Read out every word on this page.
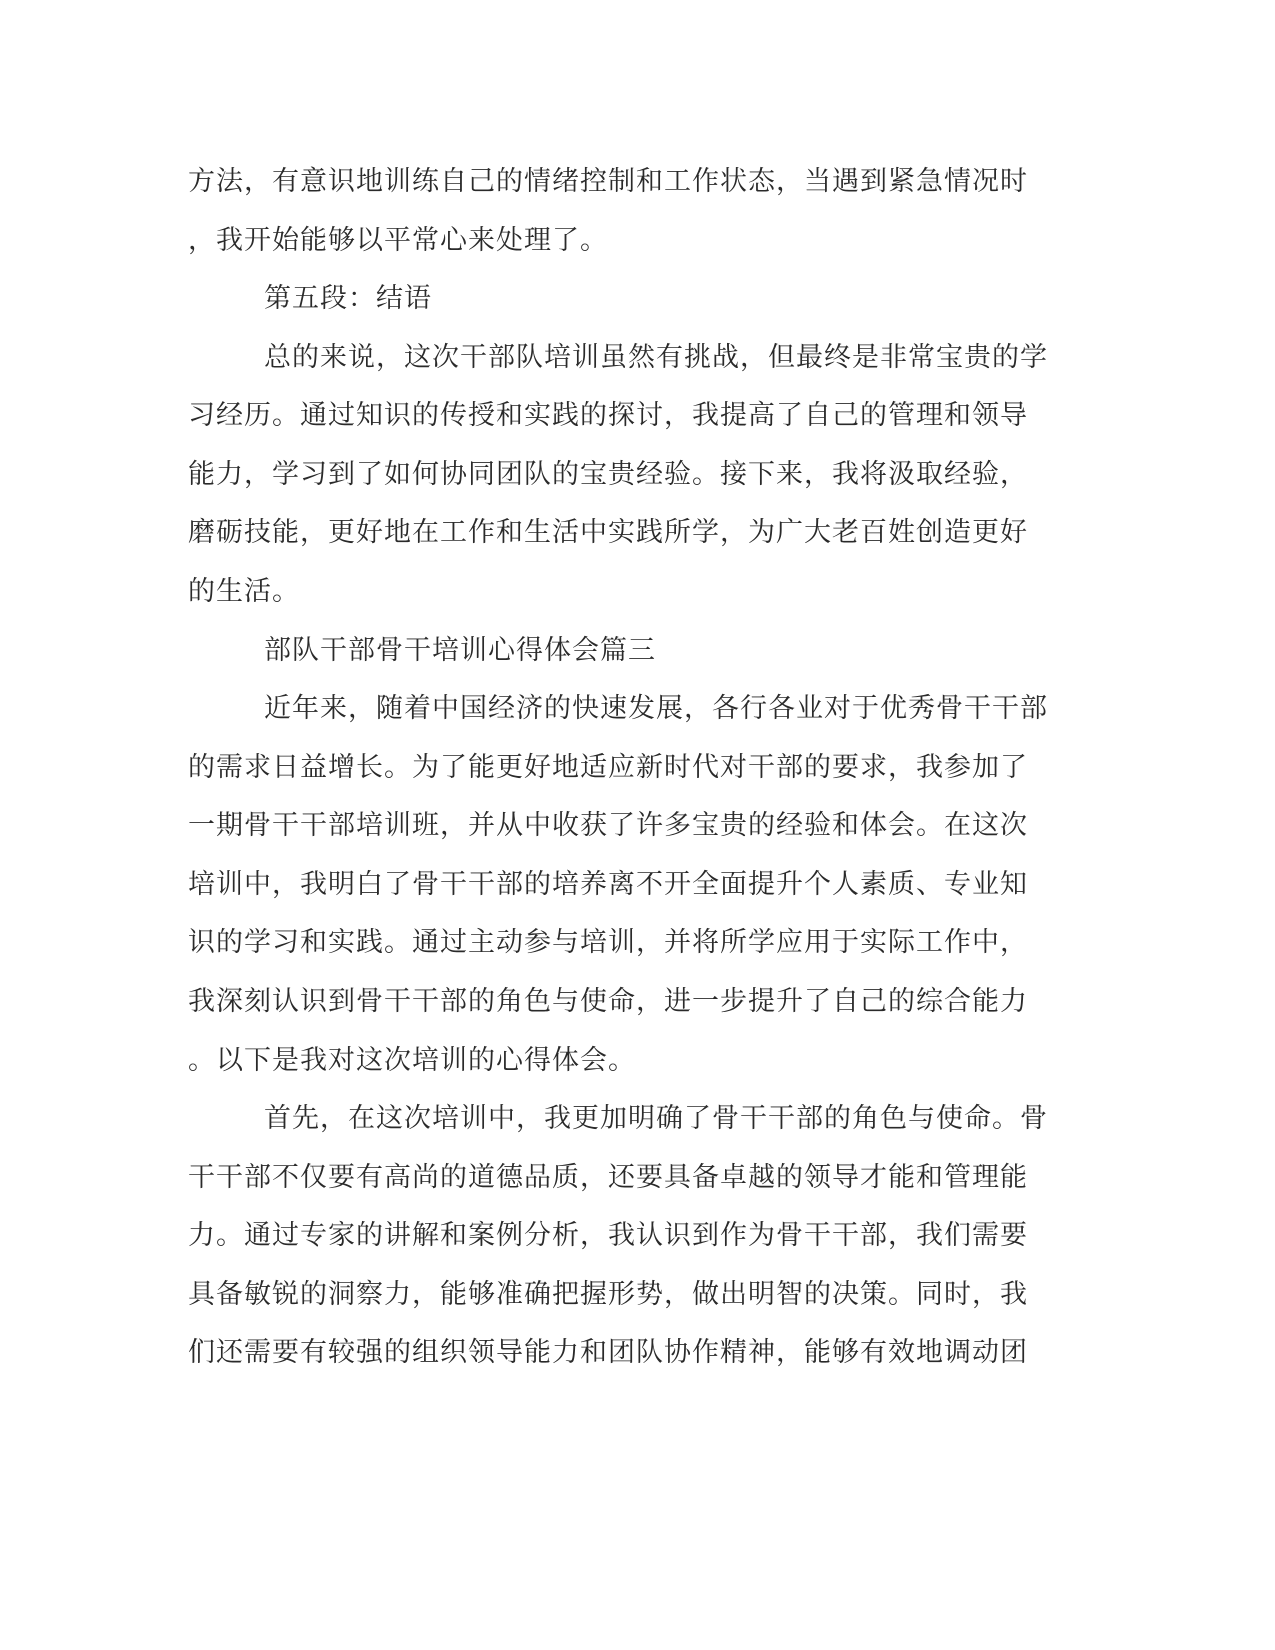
方法，有意识地训练自己的情绪控制和工作状态，当遇到紧急情况时
，我开始能够以平常心来处理了。
第五段：结语
总的来说，这次干部队培训虽然有挑战，但最终是非常宝贵的学
习经历。通过知识的传授和实践的探讨，我提高了自己的管理和领导
能力，学习到了如何协同团队的宝贵经验。接下来，我将汲取经验，
磨砺技能，更好地在工作和生活中实践所学，为广大老百姓创造更好
的生活。
部队干部骨干培训心得体会篇三
近年来，随着中国经济的快速发展，各行各业对于优秀骨干干部
的需求日益增长。为了能更好地适应新时代对干部的要求，我参加了
一期骨干干部培训班，并从中收获了许多宝贵的经验和体会。在这次
培训中，我明白了骨干干部的培养离不开全面提升个人素质、专业知
识的学习和实践。通过主动参与培训，并将所学应用于实际工作中，
我深刻认识到骨干干部的角色与使命，进一步提升了自己的综合能力
。以下是我对这次培训的心得体会。
首先，在这次培训中，我更加明确了骨干干部的角色与使命。骨
干干部不仅要有高尚的道德品质，还要具备卓越的领导才能和管理能
力。通过专家的讲解和案例分析，我认识到作为骨干干部，我们需要
具备敏锐的洞察力，能够准确把握形势，做出明智的决策。同时，我
们还需要有较强的组织领导能力和团队协作精神，能够有效地调动团
